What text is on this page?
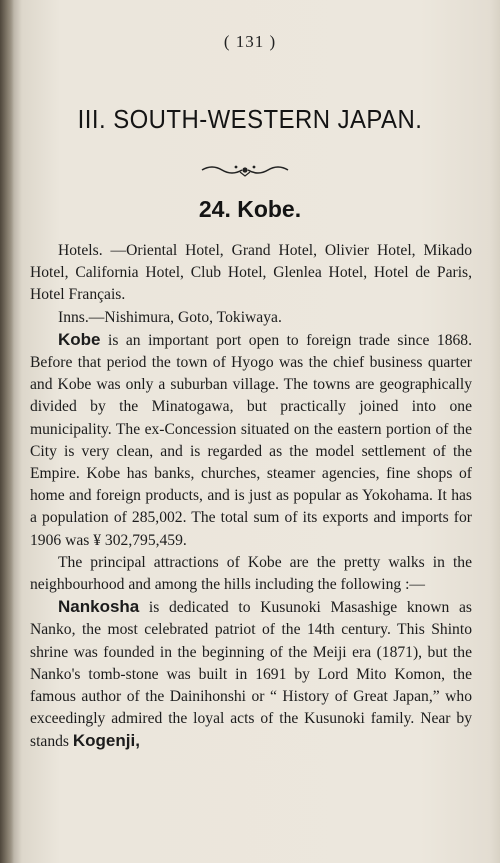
( 131 )
III. SOUTH-WESTERN JAPAN.
24. Kobe.

Hotels. —Oriental Hotel, Grand Hotel, Olivier Hotel, Mikado Hotel, California Hotel, Club Hotel, Glenlea Hotel, Hotel de Paris, Hotel Français.

Inns.—Nishimura, Goto, Tokiwaya.

Kobe is an important port open to foreign trade since 1868. Before that period the town of Hyogo was the chief business quarter and Kobe was only a suburban village. The towns are geographically divided by the Minatogawa, but practically joined into one municipality. The ex-Concession situated on the eastern portion of the City is very clean, and is regarded as the model settlement of the Empire. Kobe has banks, churches, steamer agencies, fine shops of home and foreign products, and is just as popular as Yokohama. It has a population of 285,002. The total sum of its exports and imports for 1906 was ¥ 302,795,459.

The principal attractions of Kobe are the pretty walks in the neighbourhood and among the hills including the following :—

Nankosha is dedicated to Kusunoki Masashige known as Nanko, the most celebrated patriot of the 14th century. This Shinto shrine was founded in the beginning of the Meiji era (1871), but the Nanko's tomb-stone was built in 1691 by Lord Mito Komon, the famous author of the Dainihonshi or “ History of Great Japan,” who exceedingly admired the loyal acts of the Kusunoki family. Near by stands Kogenji,
